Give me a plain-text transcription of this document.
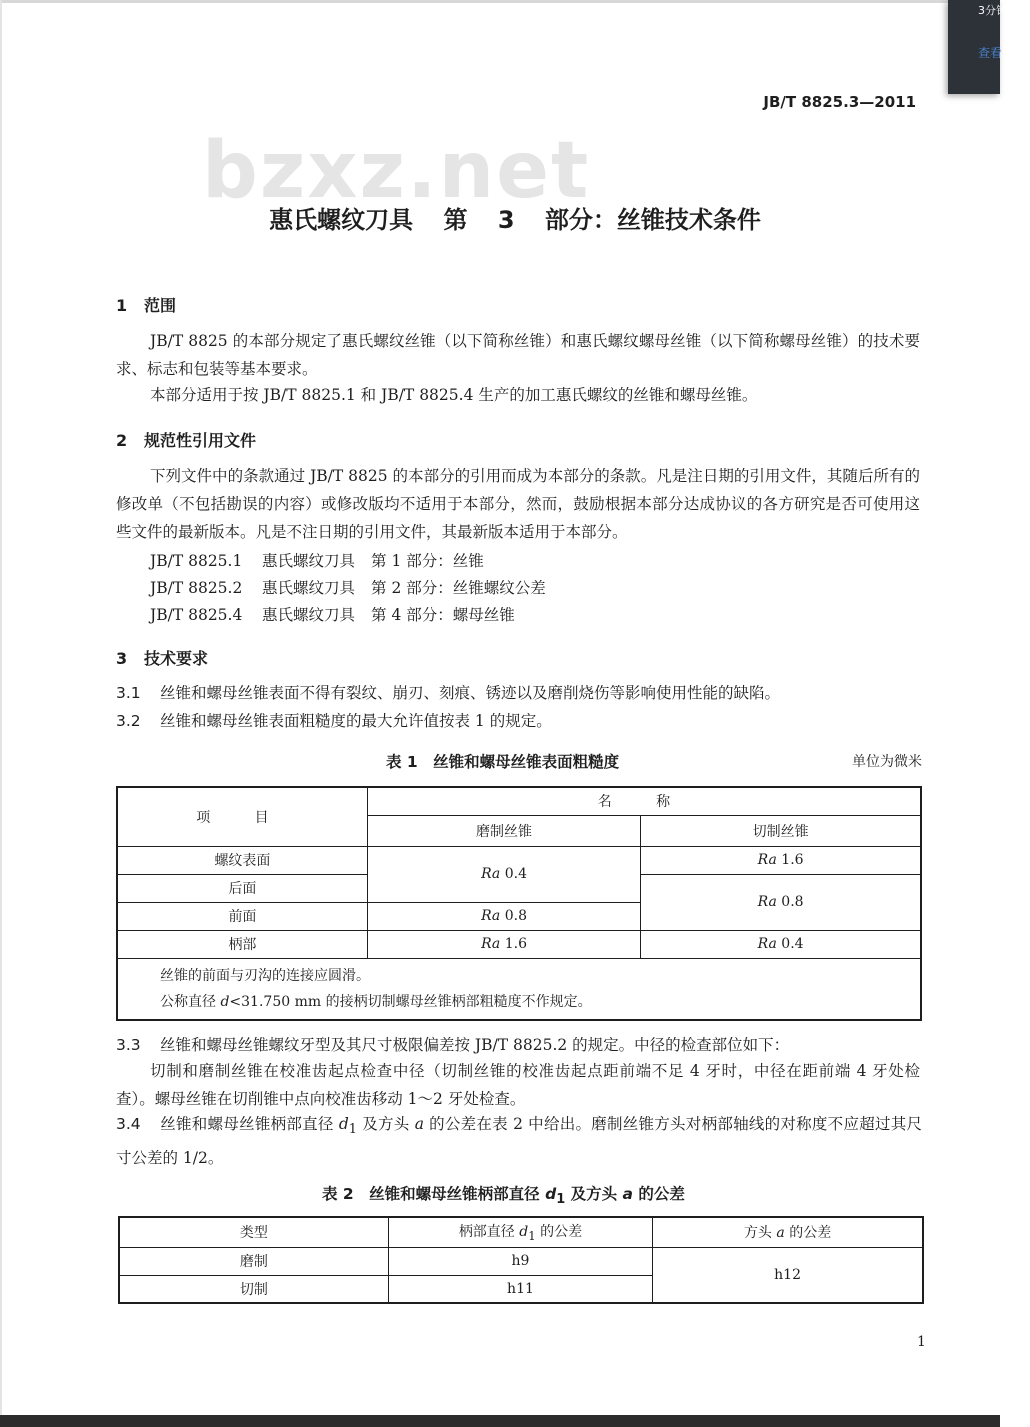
3分钟
查看
JB/T 8825.3—2011
bzxz.net
惠氏螺纹刀具 第 3 部分：丝锥技术条件
1 范围
JB/T 8825 的本部分规定了惠氏螺纹丝锥（以下简称丝锥）和惠氏螺纹螺母丝锥（以下简称螺母丝锥）的技术要求、标志和包装等基本要求。
本部分适用于按 JB/T 8825.1 和 JB/T 8825.4 生产的加工惠氏螺纹的丝锥和螺母丝锥。
2 规范性引用文件
下列文件中的条款通过 JB/T 8825 的本部分的引用而成为本部分的条款。凡是注日期的引用文件，其随后所有的修改单（不包括勘误的内容）或修改版均不适用于本部分，然而，鼓励根据本部分达成协议的各方研究是否可使用这些文件的最新版本。凡是不注日期的引用文件，其最新版本适用于本部分。
JB/T 8825.1 惠氏螺纹刀具 第 1 部分：丝锥
JB/T 8825.2 惠氏螺纹刀具 第 2 部分：丝锥螺纹公差
JB/T 8825.4 惠氏螺纹刀具 第 4 部分：螺母丝锥
3 技术要求
3.1 丝锥和螺母丝锥表面不得有裂纹、崩刃、刻痕、锈迹以及磨削烧伤等影响使用性能的缺陷。
3.2 丝锥和螺母丝锥表面粗糙度的最大允许值按表 1 的规定。
表 1　丝锥和螺母丝锥表面粗糙度	单位为微米
项 目	名 称	
	磨制丝锥	切制丝锥
螺纹表面	Ra 0.4	Ra 1.6
后面		Ra 0.8
前面	Ra 0.8	
柄部	Ra 1.6	Ra 0.4

丝锥的前面与刃沟的连接应圆滑。
公称直径 d<31.750 mm 的接柄切制螺母丝锥柄部粗糙度不作规定。		
3.3 丝锥和螺母丝锥螺纹牙型及其尺寸极限偏差按 JB/T 8825.2 的规定。中径的检查部位如下：
切制和磨制丝锥在校准齿起点检查中径（切制丝锥的校准齿起点距前端不足 4 牙时，中径在距前端 4 牙处检查）。螺母丝锥在切削锥中点向校准齿移动 1～2 牙处检查。
3.4 丝锥和螺母丝锥柄部直径 $d_1$ 及方头 a 的公差在表 2 中给出。磨制丝锥方头对柄部轴线的对称度不应超过其尺寸公差的 1/2。
表 2　丝锥和螺母丝锥柄部直径 $d_1$ 及方头 a 的公差
类型	柄部直径 $d_1$ 的公差	方头 a 的公差
磨制	h9	h12
切制	h11	
1
